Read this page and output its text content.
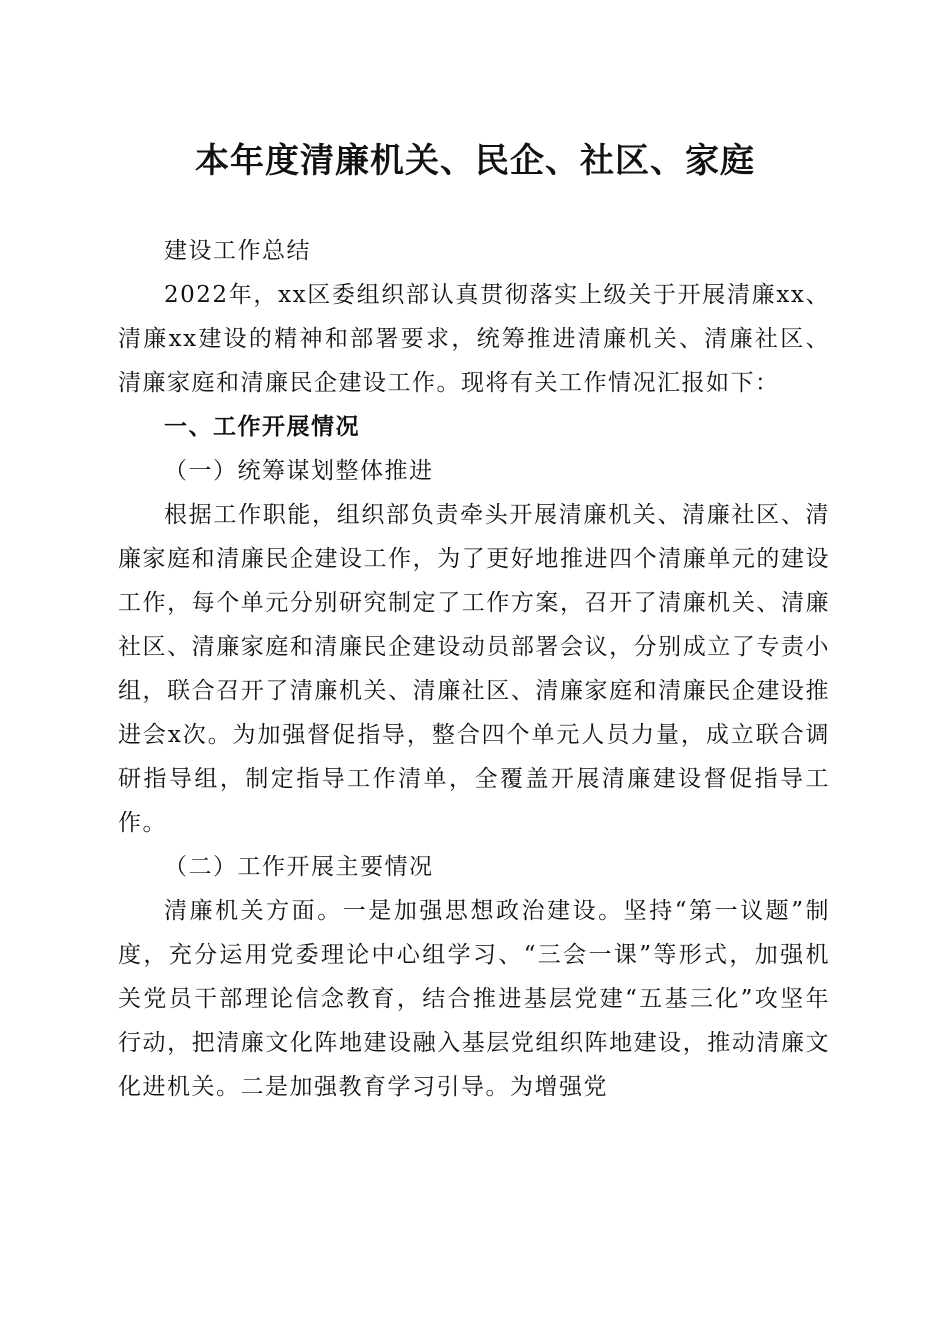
本年度清廉机关、民企、社区、家庭

建设工作总结

2022年，xx区委组织部认真贯彻落实上级关于开展清廉xx、清廉xx建设的精神和部署要求，统筹推进清廉机关、清廉社区、清廉家庭和清廉民企建设工作。现将有关工作情况汇报如下：

一、工作开展情况

（一）统筹谋划整体推进

根据工作职能，组织部负责牵头开展清廉机关、清廉社区、清廉家庭和清廉民企建设工作，为了更好地推进四个清廉单元的建设工作，每个单元分别研究制定了工作方案，召开了清廉机关、清廉社区、清廉家庭和清廉民企建设动员部署会议，分别成立了专责小组，联合召开了清廉机关、清廉社区、清廉家庭和清廉民企建设推进会x次。为加强督促指导，整合四个单元人员力量，成立联合调研指导组，制定指导工作清单，全覆盖开展清廉建设督促指导工作。

（二）工作开展主要情况

清廉机关方面。一是加强思想政治建设。坚持“第一议题”制度，充分运用党委理论中心组学习、“三会一课”等形式，加强机关党员干部理论信念教育，结合推进基层党建“五基三化”攻坚年行动，把清廉文化阵地建设融入基层党组织阵地建设，推动清廉文化进机关。二是加强教育学习引导。为增强党
